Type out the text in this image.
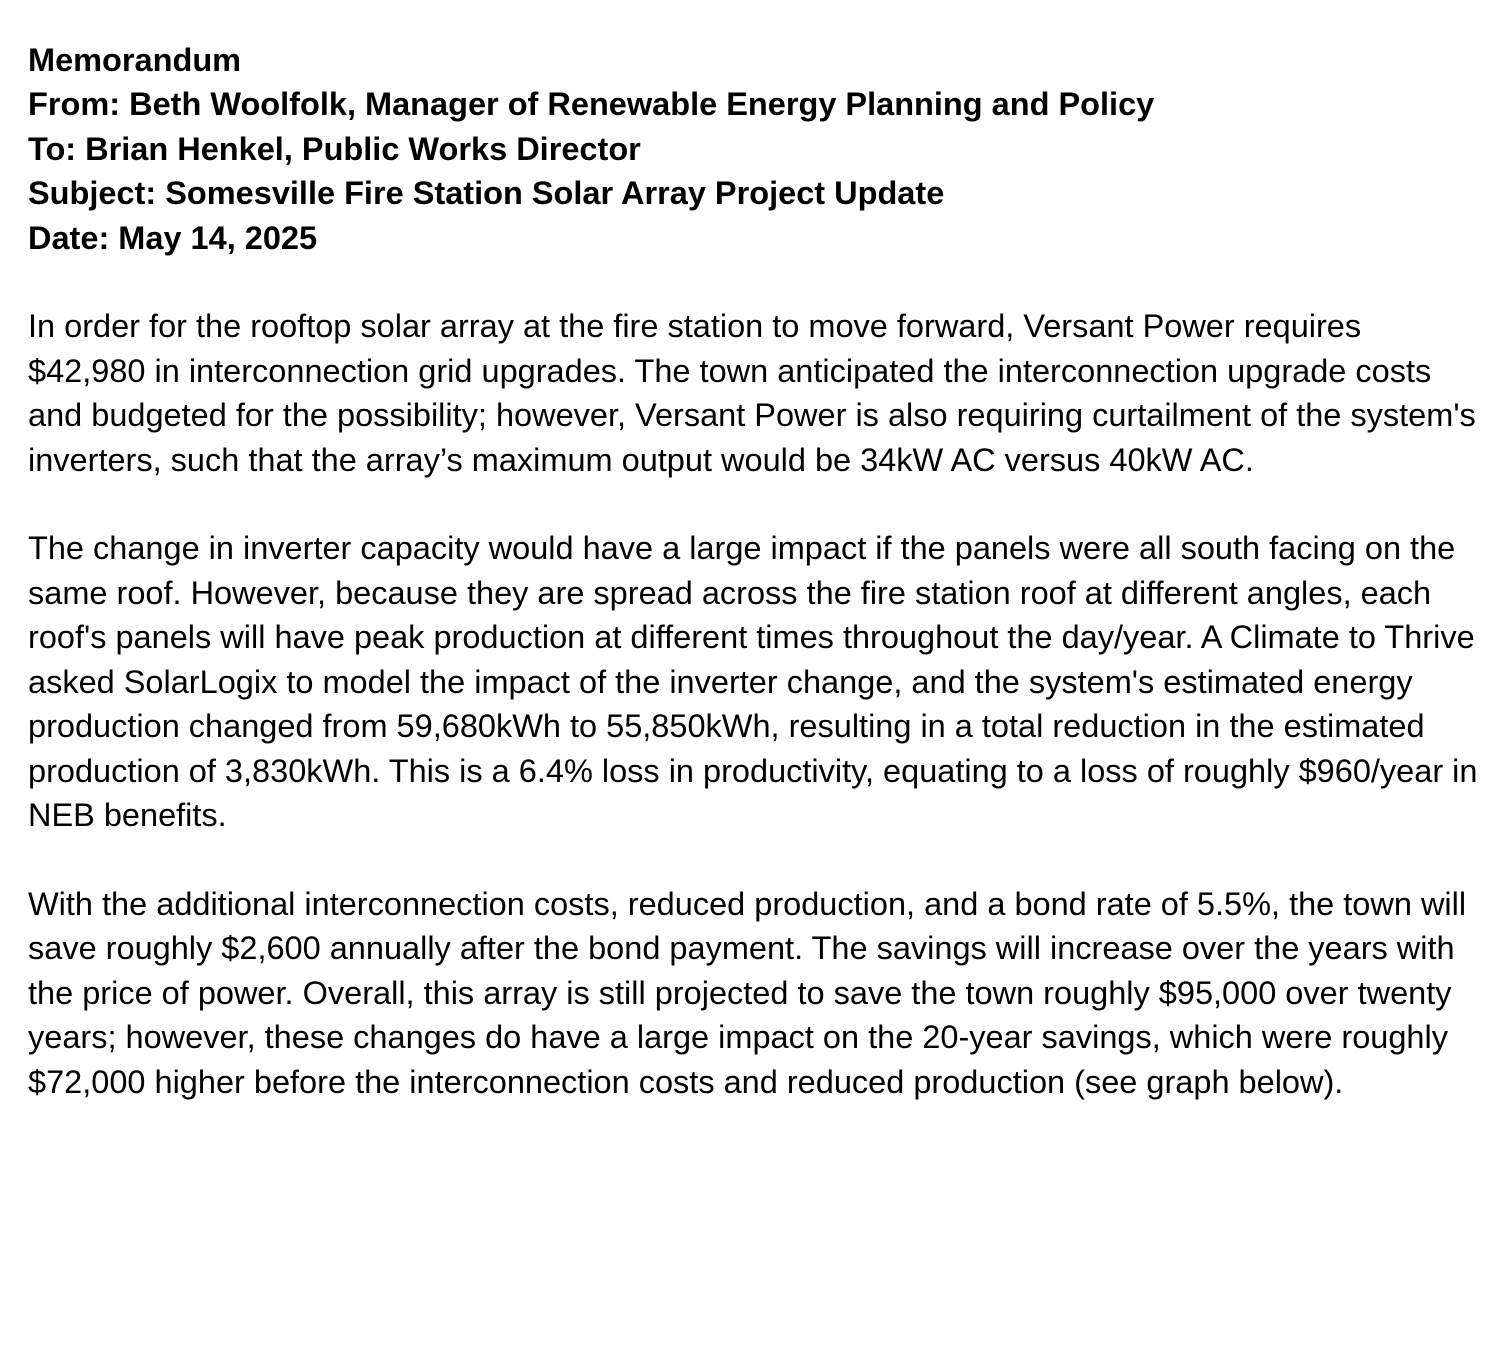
Memorandum
From: Beth Woolfolk, Manager of Renewable Energy Planning and Policy
To: Brian Henkel, Public Works Director
Subject: Somesville Fire Station Solar Array Project Update
Date: May 14, 2025

In order for the rooftop solar array at the fire station to move forward, Versant Power requires $42,980 in interconnection grid upgrades. The town anticipated the interconnection upgrade costs and budgeted for the possibility; however, Versant Power is also requiring curtailment of the system's inverters, such that the array’s maximum output would be 34kW AC versus 40kW AC.

The change in inverter capacity would have a large impact if the panels were all south facing on the same roof. However, because they are spread across the fire station roof at different angles, each roof's panels will have peak production at different times throughout the day/year. A Climate to Thrive asked SolarLogix to model the impact of the inverter change, and the system's estimated energy production changed from 59,680kWh to 55,850kWh, resulting in a total reduction in the estimated production of 3,830kWh. This is a 6.4% loss in productivity, equating to a loss of roughly $960/year in NEB benefits.

With the additional interconnection costs, reduced production, and a bond rate of 5.5%, the town will save roughly $2,600 annually after the bond payment. The savings will increase over the years with the price of power. Overall, this array is still projected to save the town roughly $95,000 over twenty years; however, these changes do have a large impact on the 20-year savings, which were roughly $72,000 higher before the interconnection costs and reduced production (see graph below).
